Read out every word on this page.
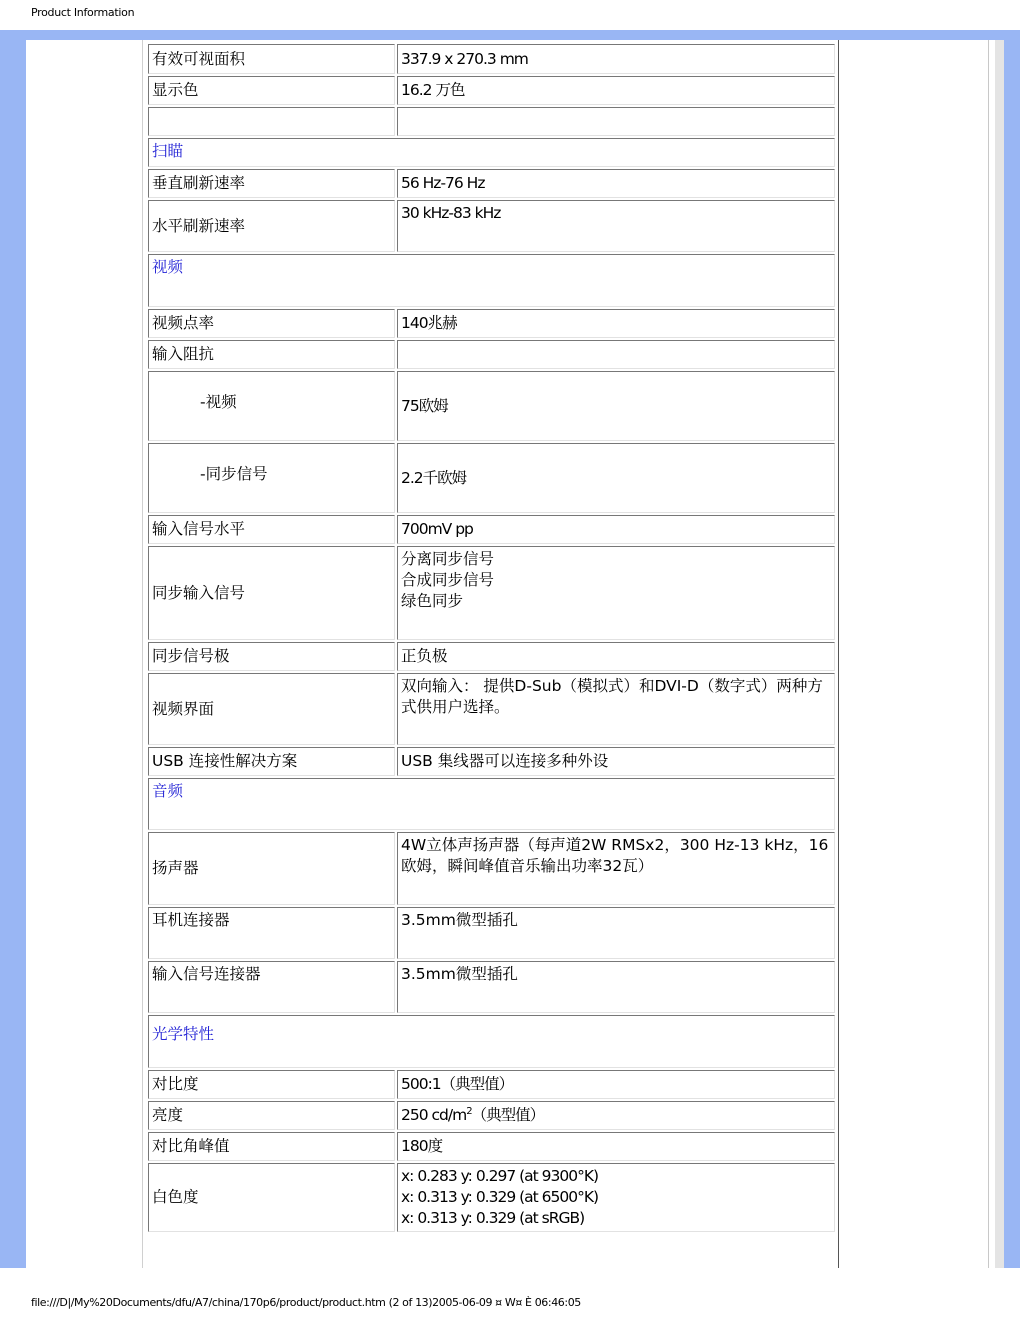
Product Information
有效可视面积	337.9 x 270.3 mm
显示色	16.2 万色

扫瞄	
垂直刷新速率	56 Hz-76 Hz
水平刷新速率	30 kHz-83 kHz
视频	
视频点率	140兆赫
输入阻抗	
-视频	75欧姆
-同步信号	2.2千欧姆
输入信号水平	700mV pp
同步输入信号	分离同步信号
合成同步信号
绿色同步

同步信号极	正负极
视频界面	双向输入： 提供D-Sub（模拟式）和DVI-D（数字式）两种方式供用户选择。
USB 连接性解决方案	USB 集线器可以连接多种外设
音频	
扬声器	4W立体声扬声器（每声道2W RMSx2，300 Hz-13 kHz，16欧姆，瞬间峰值音乐输出功率32瓦）
耳机连接器	3.5mm微型插孔
输入信号连接器	3.5mm微型插孔
光学特性	
对比度	500:1（典型值）
亮度	250 $cd/m^2$（典型值）
对比角峰值	180度
白色度	x: 0.283 y: 0.297 (at 9300°K)
x: 0.313 y: 0.329 (at 6500°K)
x: 0.313 y: 0.329 (at sRGB)
file:///D|/My%20Documents/dfu/A7/china/170p6/product/product.htm (2 of 13)2005-06-09 ¤ W¤ È 06:46:05
